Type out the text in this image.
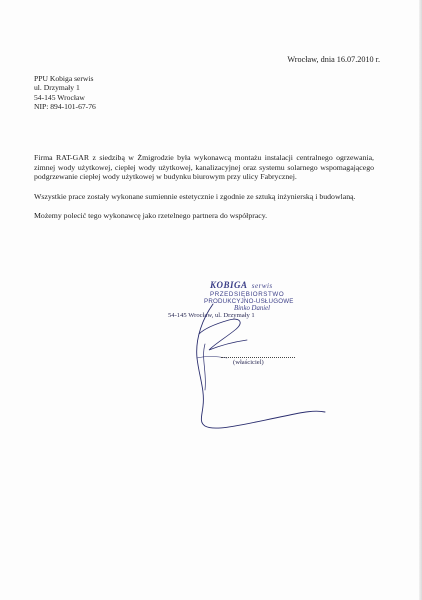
Wrocław, dnia 16.07.2010 r.
PPU Kobiga serwis
ul. Drzymały 1
54-145 Wrocław
NIP: 894-101-67-76

Firma RAT-GAR z siedzibą w Żmigrodzie była wykonawcą montażu instalacji centralnego ogrzewania, zimnej wody użytkowej, ciepłej wody użytkowej, kanalizacyjnej oraz systemu solarnego wspomagającego podgrzewanie ciepłej wody użytkowej w budynku biurowym przy ulicy Fabrycznej.

Wszystkie prace zostały wykonane sumiennie estetycznie i zgodnie ze sztuką inżynierską i budowlaną.

Możemy polecić tego wykonawcę jako rzetelnego partnera do współpracy.

KOBIGA serwis
PRZEDSIĘBIORSTWO
PRODUKCYJNO-USŁUGOWE
Binko Daniel
54-145 Wrocław, ul. Drzymały 1
(właściciel)
